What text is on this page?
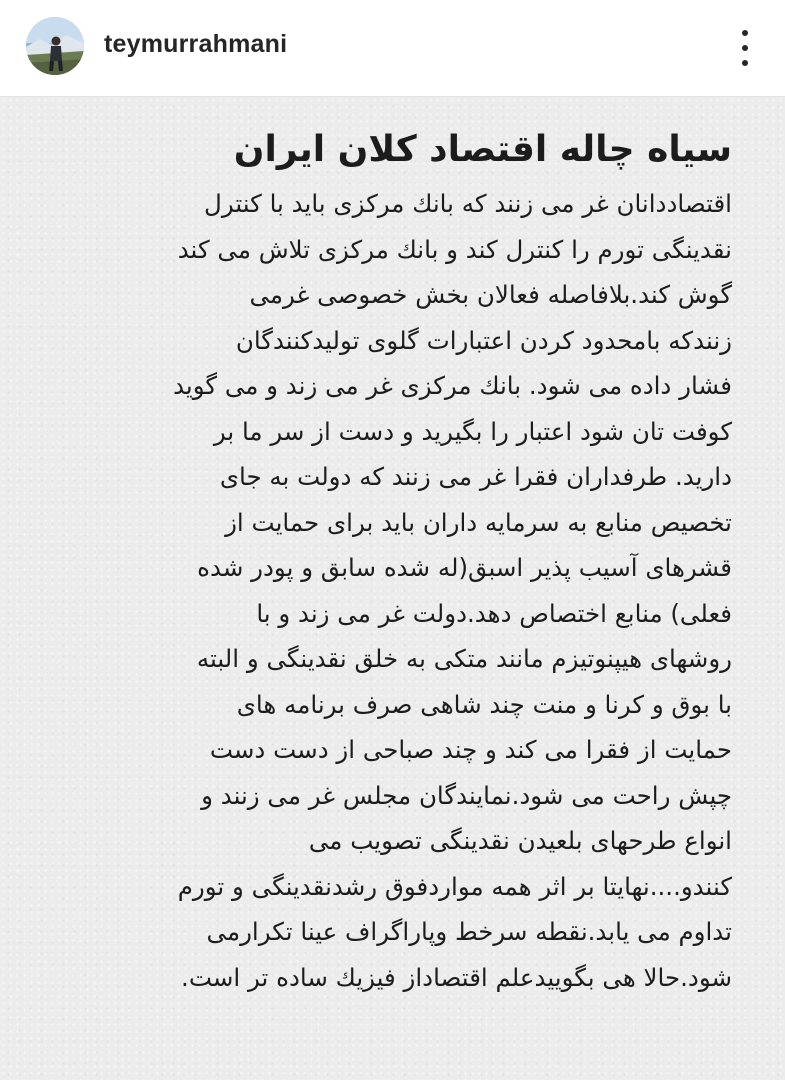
teymurrahmani
سیاه چاله اقتصاد کلان ایران
اقتصاددانان غر می زنند که بانك مرکزی باید با کنترل
نقدینگی تورم را کنترل کند و بانك مرکزی تلاش می کند
گوش کند.بلافاصله فعالان بخش خصوصی غرمی
زنندکه بامحدود کردن اعتبارات گلوی تولیدکنندگان
فشار داده می شود. بانك مرکزی غر می زند و می گوید
کوفت تان شود اعتبار را بگیرید و دست از سر ما بر
دارید. طرفداران فقرا غر می زنند که دولت به جای
تخصیص منابع به سرمایه داران باید برای حمایت از
قشرهای آسیب پذیر اسبق(له شده سابق و پودر شده
فعلی) منابع اختصاص دهد.دولت غر می زند و با
روشهای هیپنوتیزم مانند متکی به خلق نقدینگی و البته
با بوق و کرنا و منت چند شاهی صرف برنامه های
حمایت از فقرا می کند و چند صباحی از دست دست
چپش راحت می شود.نمایندگان مجلس غر می زنند و
انواع طرحهای بلعیدن نقدینگی تصویب می
کنندو....نهایتا بر اثر همه مواردفوق رشدنقدینگی و تورم
تداوم می یابد.نقطه سرخط وپاراگراف عینا تکرارمی
شود.حالا هی بگوییدعلم اقتصاداز فیزیك ساده تر است.
